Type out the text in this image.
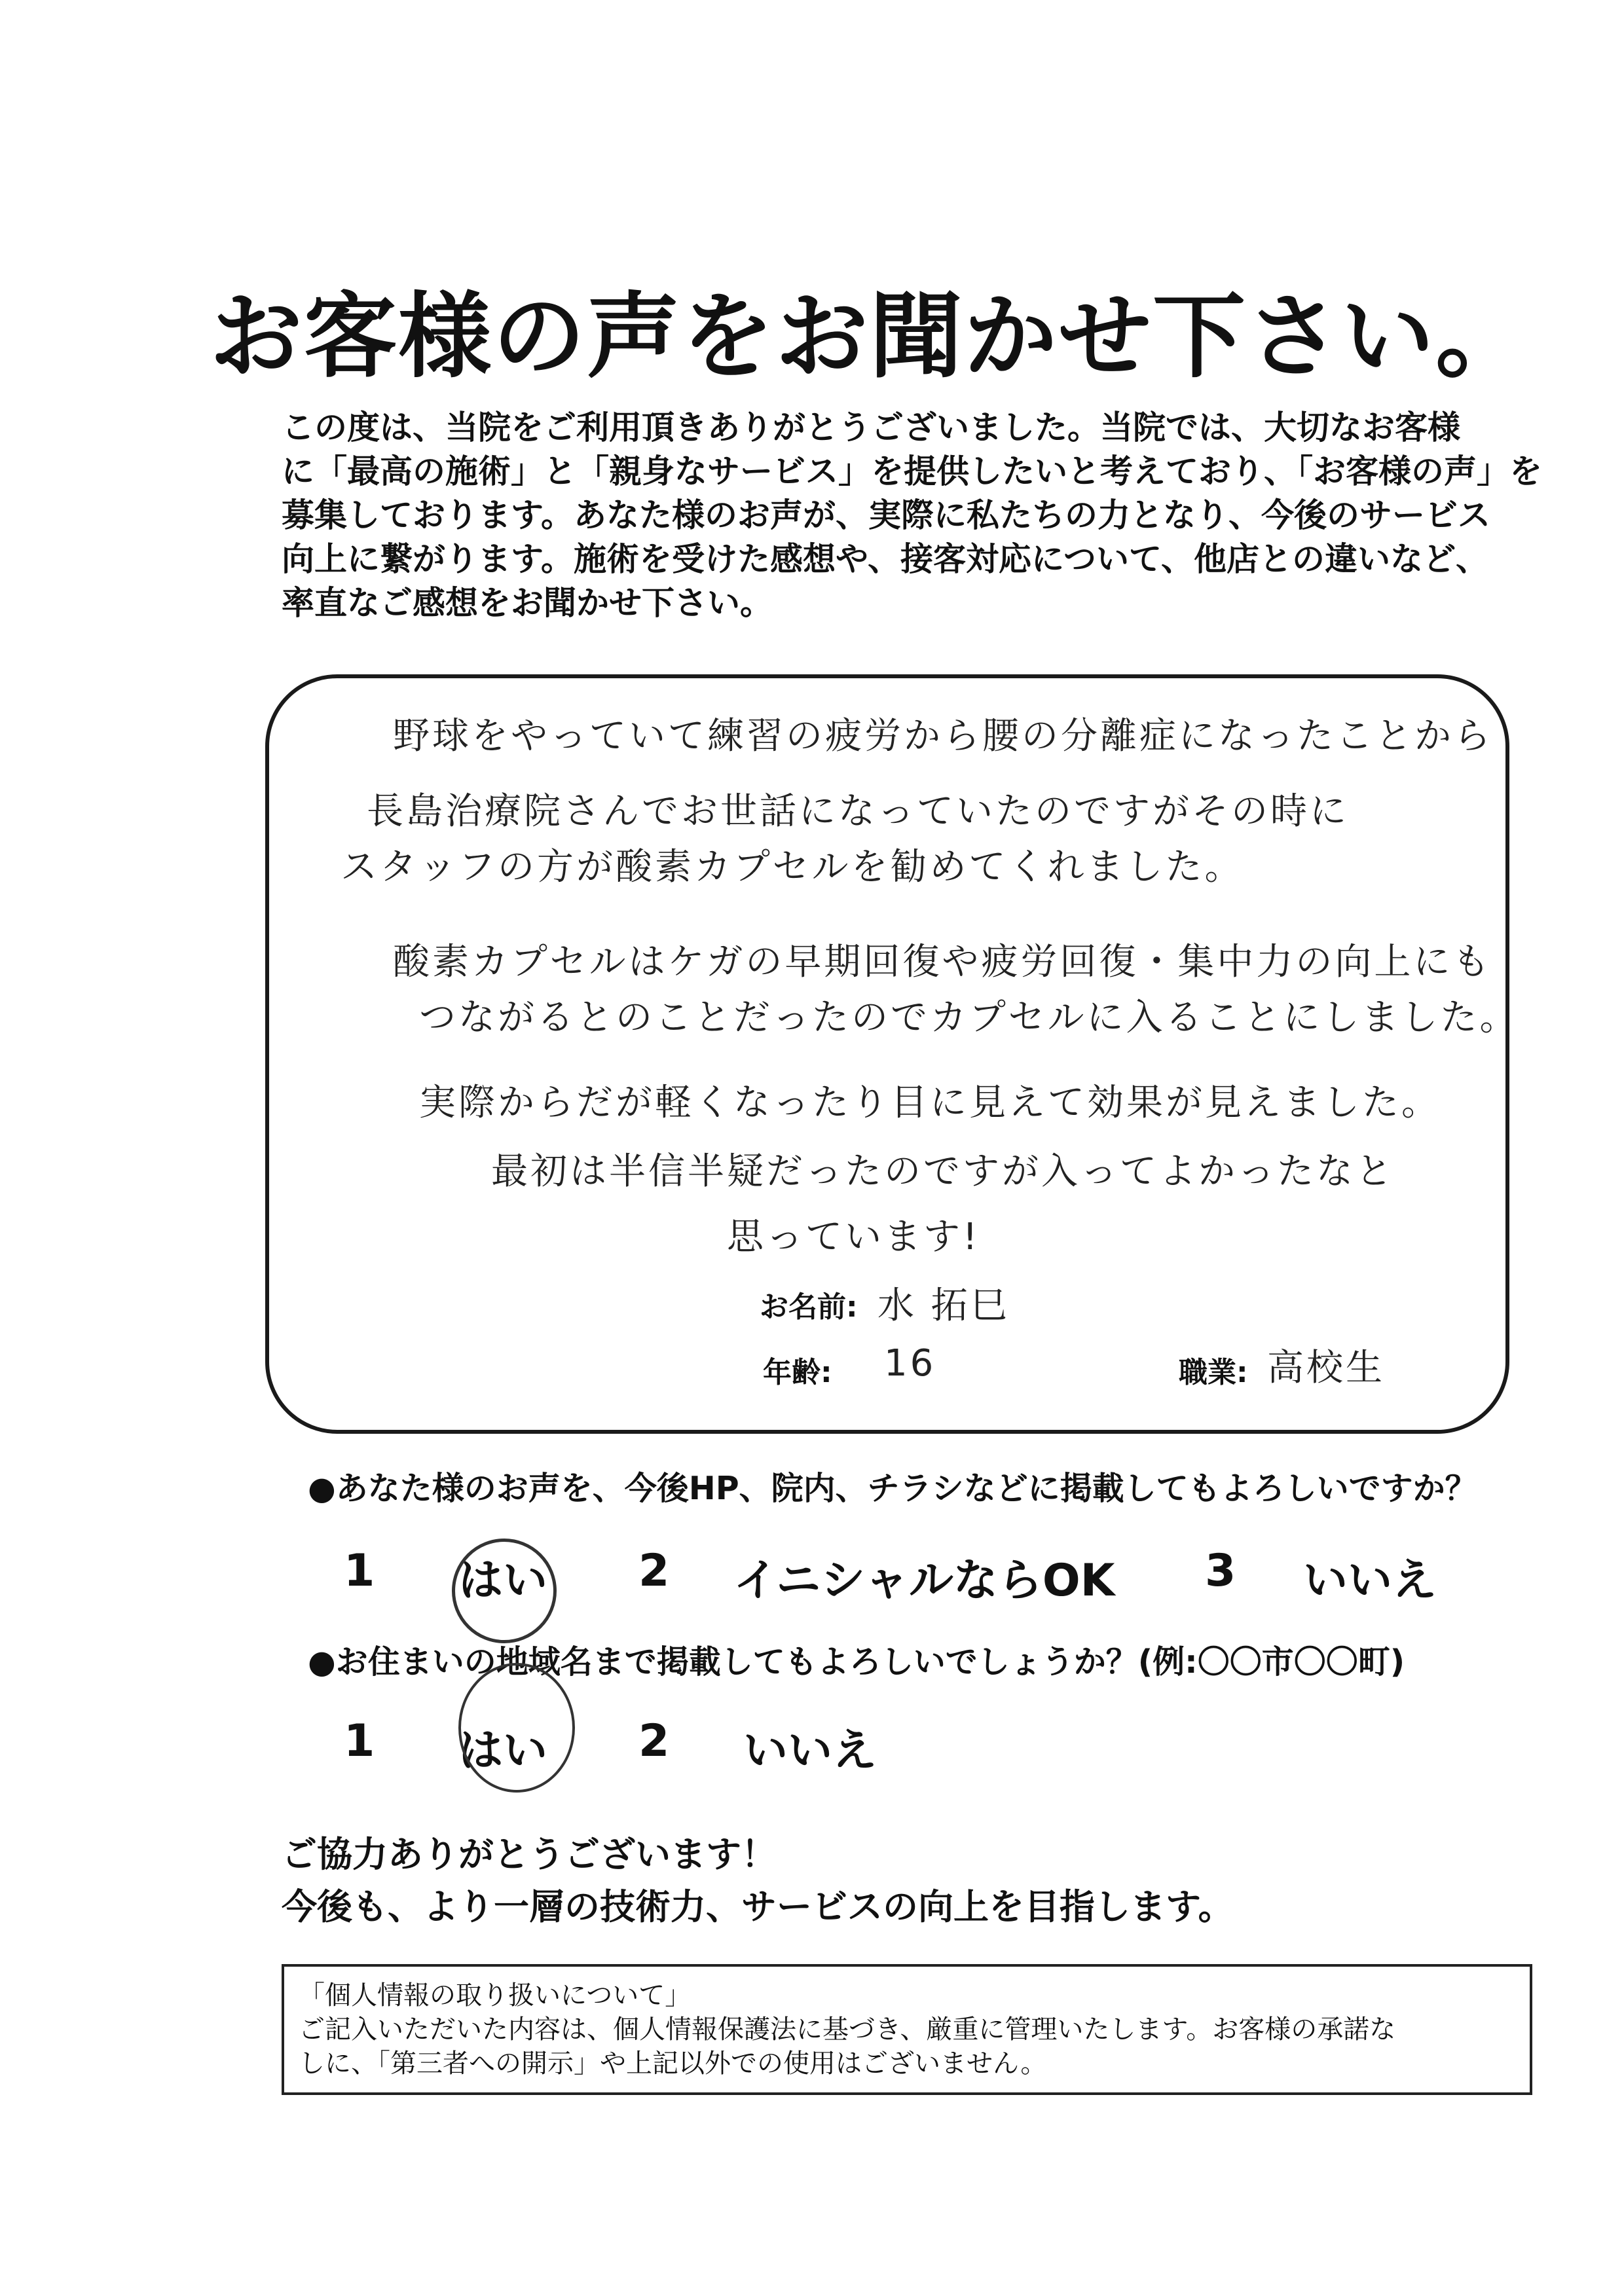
お客様の声をお聞かせ下さい。
この度は、当院をご利用頂きありがとうございました。当院では、大切なお客様
に「最高の施術」と「親身なサービス」を提供したいと考えており、「お客様の声」を
募集しております。あなた様のお声が、実際に私たちの力となり、今後のサービス
向上に繋がります。施術を受けた感想や、接客対応について、他店との違いなど、
率直なご感想をお聞かせ下さい。
野球をやっていて練習の疲労から腰の分離症になったことから
長島治療院さんでお世話になっていたのですがその時に
スタッフの方が酸素カプセルを勧めてくれました。
酸素カプセルはケガの早期回復や疲労回復・集中力の向上にも
つながるとのことだったのでカプセルに入ることにしました。
実際からだが軽くなったり目に見えて効果が見えました。
最初は半信半疑だったのですが入ってよかったなと
思っています!
お名前: 水 拓巳
年齢: 16	職業: 高校生
●あなた様のお声を、今後HP、院内、チラシなどに掲載してもよろしいですか？
1 はい 2 イニシャルならOK 3 いいえ
●お住まいの地域名まで掲載してもよろしいでしょうか？(例:〇〇市〇〇町)
1 はい 2 いいえ
ご協力ありがとうございます！
今後も、より一層の技術力、サービスの向上を目指します。
「個人情報の取り扱いについて」
ご記入いただいた内容は、個人情報保護法に基づき、厳重に管理いたします。お客様の承諾な
しに、「第三者への開示」や上記以外での使用はございません。
